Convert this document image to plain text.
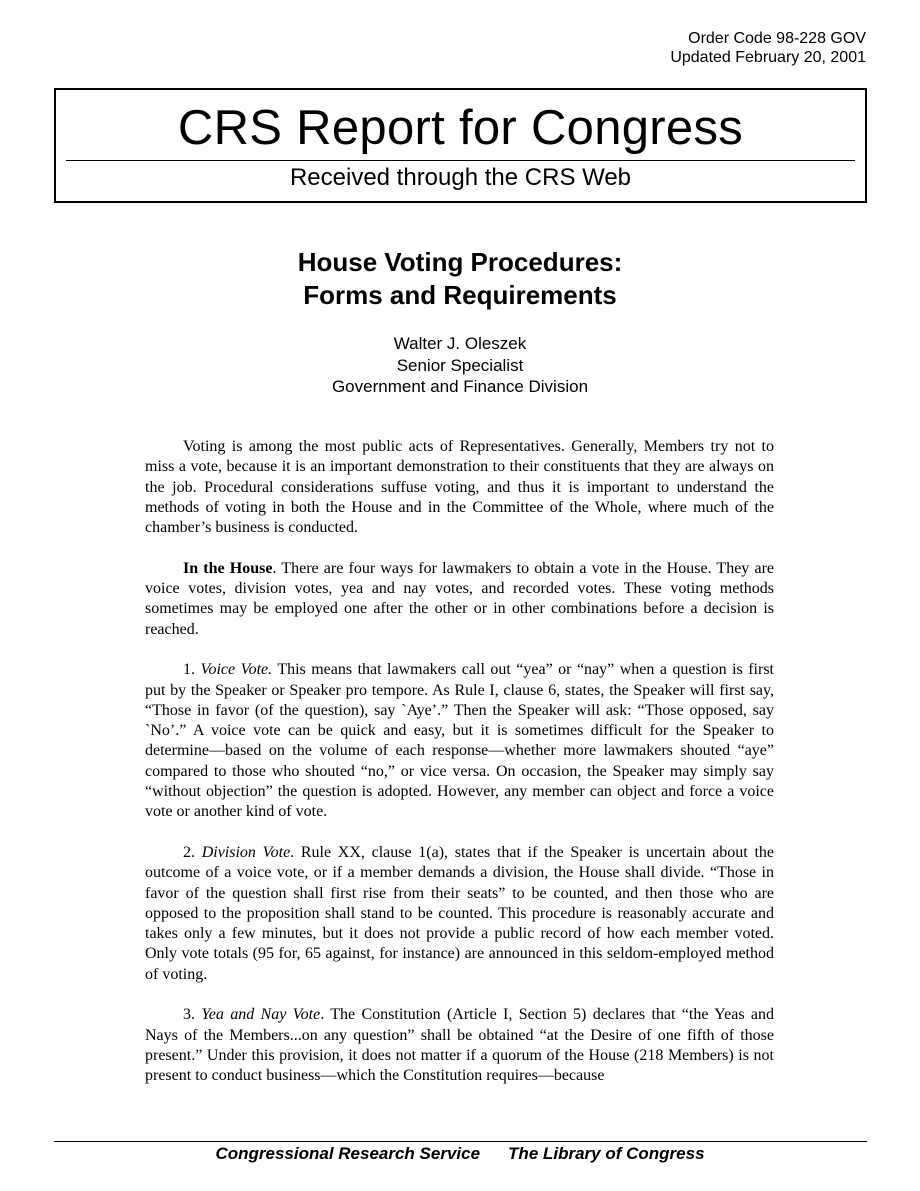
Order Code 98-228 GOV
Updated February 20, 2001
CRS Report for Congress
Received through the CRS Web
House Voting Procedures:
Forms and Requirements
Walter J. Oleszek
Senior Specialist
Government and Finance Division

Voting is among the most public acts of Representatives. Generally, Members try not to miss a vote, because it is an important demonstration to their constituents that they are always on the job. Procedural considerations suffuse voting, and thus it is important to understand the methods of voting in both the House and in the Committee of the Whole, where much of the chamber’s business is conducted.

In the House. There are four ways for lawmakers to obtain a vote in the House. They are voice votes, division votes, yea and nay votes, and recorded votes. These voting methods sometimes may be employed one after the other or in other combinations before a decision is reached.

1. Voice Vote. This means that lawmakers call out “yea” or “nay” when a question is first put by the Speaker or Speaker pro tempore. As Rule I, clause 6, states, the Speaker will first say, “Those in favor (of the question), say `Aye’.” Then the Speaker will ask: “Those opposed, say `No’.” A voice vote can be quick and easy, but it is sometimes difficult for the Speaker to determine—based on the volume of each response—whether more lawmakers shouted “aye” compared to those who shouted “no,” or vice versa. On occasion, the Speaker may simply say “without objection” the question is adopted. However, any member can object and force a voice vote or another kind of vote.

2. Division Vote. Rule XX, clause 1(a), states that if the Speaker is uncertain about the outcome of a voice vote, or if a member demands a division, the House shall divide. “Those in favor of the question shall first rise from their seats” to be counted, and then those who are opposed to the proposition shall stand to be counted. This procedure is reasonably accurate and takes only a few minutes, but it does not provide a public record of how each member voted. Only vote totals (95 for, 65 against, for instance) are announced in this seldom-employed method of voting.

3. Yea and Nay Vote. The Constitution (Article I, Section 5) declares that “the Yeas and Nays of the Members...on any question” shall be obtained “at the Desire of one fifth of those present.” Under this provision, it does not matter if a quorum of the House (218 Members) is not present to conduct business—which the Constitution requires—because

Congressional Research Service The Library of Congress
